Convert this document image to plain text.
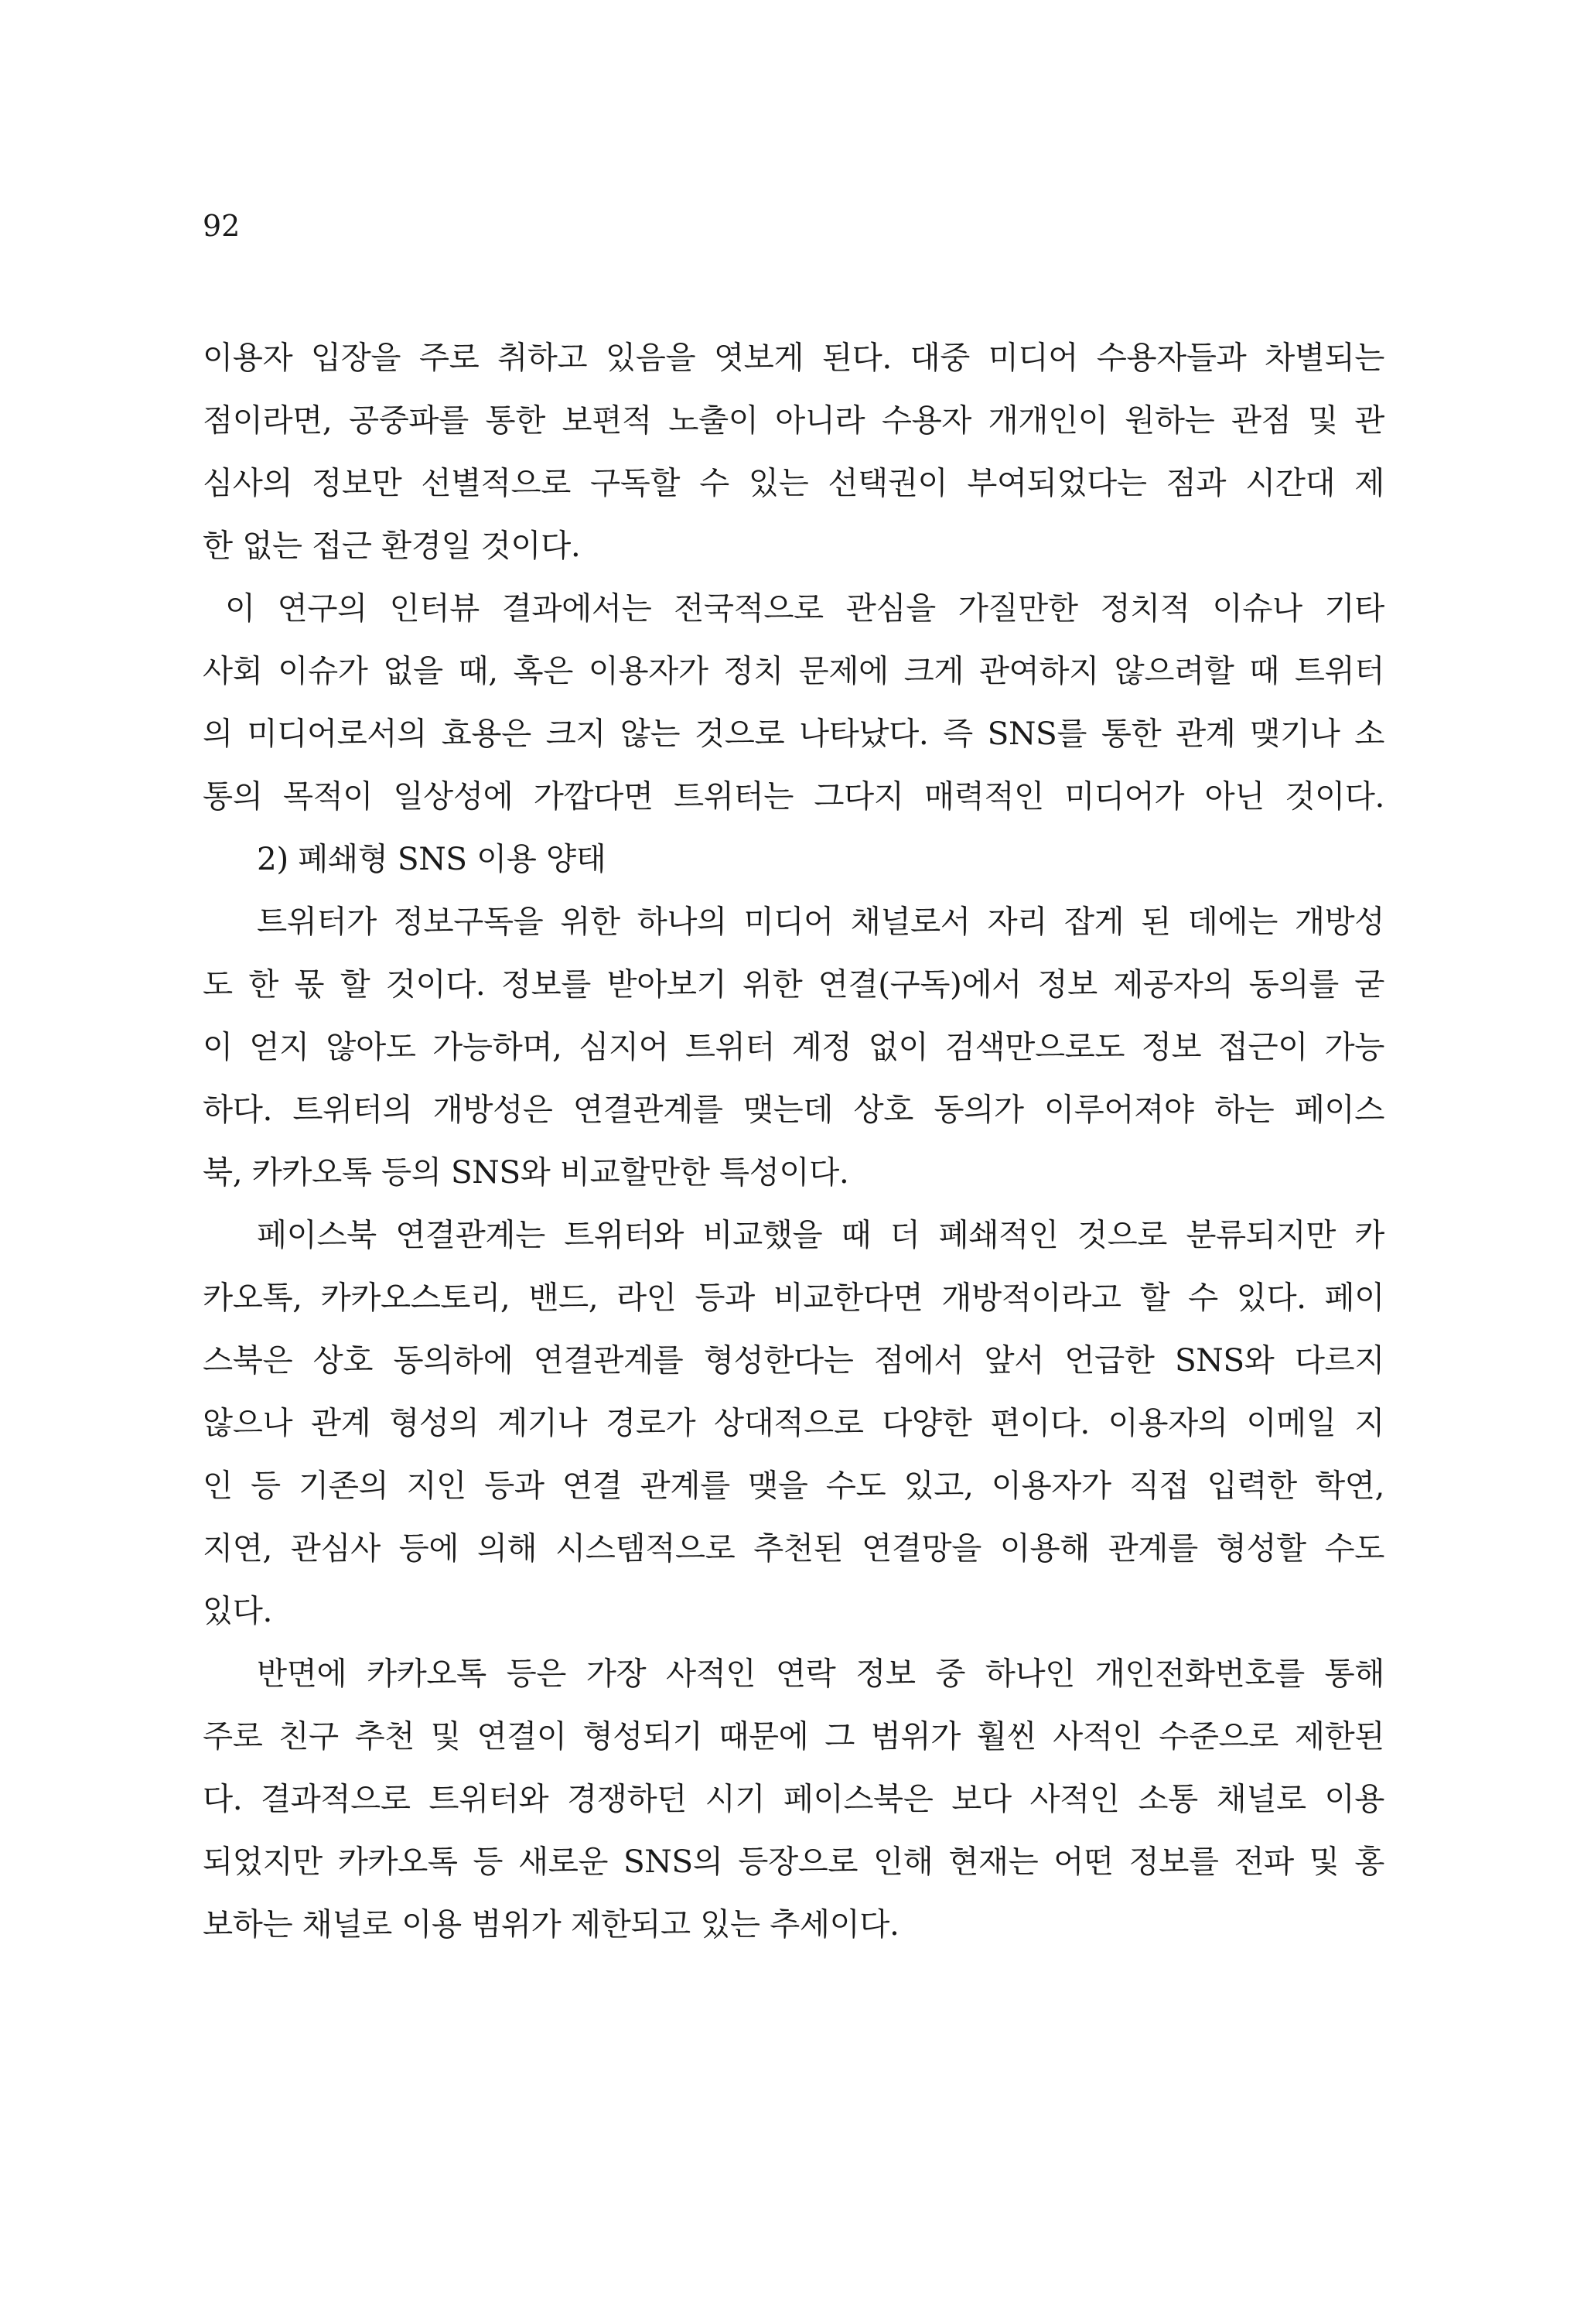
92
이용자 입장을 주로 취하고 있음을 엿보게 된다. 대중 미디어 수용자들과 차별되는
점이라면, 공중파를 통한 보편적 노출이 아니라 수용자 개개인이 원하는 관점 및 관
심사의 정보만 선별적으로 구독할 수 있는 선택권이 부여되었다는 점과 시간대 제
한 없는 접근 환경일 것이다.
이 연구의 인터뷰 결과에서는 전국적으로 관심을 가질만한 정치적 이슈나 기타
사회 이슈가 없을 때, 혹은 이용자가 정치 문제에 크게 관여하지 않으려할 때 트위터
의 미디어로서의 효용은 크지 않는 것으로 나타났다. 즉 SNS를 통한 관계 맺기나 소
통의 목적이 일상성에 가깝다면 트위터는 그다지 매력적인 미디어가 아닌 것이다.
2) 폐쇄형 SNS 이용 양태
트위터가 정보구독을 위한 하나의 미디어 채널로서 자리 잡게 된 데에는 개방성
도 한 몫 할 것이다. 정보를 받아보기 위한 연결(구독)에서 정보 제공자의 동의를 굳
이 얻지 않아도 가능하며, 심지어 트위터 계정 없이 검색만으로도 정보 접근이 가능
하다. 트위터의 개방성은 연결관계를 맺는데 상호 동의가 이루어져야 하는 페이스
북, 카카오톡 등의 SNS와 비교할만한 특성이다.
페이스북 연결관계는 트위터와 비교했을 때 더 폐쇄적인 것으로 분류되지만 카
카오톡, 카카오스토리, 밴드, 라인 등과 비교한다면 개방적이라고 할 수 있다. 페이
스북은 상호 동의하에 연결관계를 형성한다는 점에서 앞서 언급한 SNS와 다르지
않으나 관계 형성의 계기나 경로가 상대적으로 다양한 편이다. 이용자의 이메일 지
인 등 기존의 지인 등과 연결 관계를 맺을 수도 있고, 이용자가 직접 입력한 학연,
지연, 관심사 등에 의해 시스템적으로 추천된 연결망을 이용해 관계를 형성할 수도
있다.
반면에 카카오톡 등은 가장 사적인 연락 정보 중 하나인 개인전화번호를 통해
주로 친구 추천 및 연결이 형성되기 때문에 그 범위가 훨씬 사적인 수준으로 제한된
다. 결과적으로 트위터와 경쟁하던 시기 페이스북은 보다 사적인 소통 채널로 이용
되었지만 카카오톡 등 새로운 SNS의 등장으로 인해 현재는 어떤 정보를 전파 및 홍
보하는 채널로 이용 범위가 제한되고 있는 추세이다.
